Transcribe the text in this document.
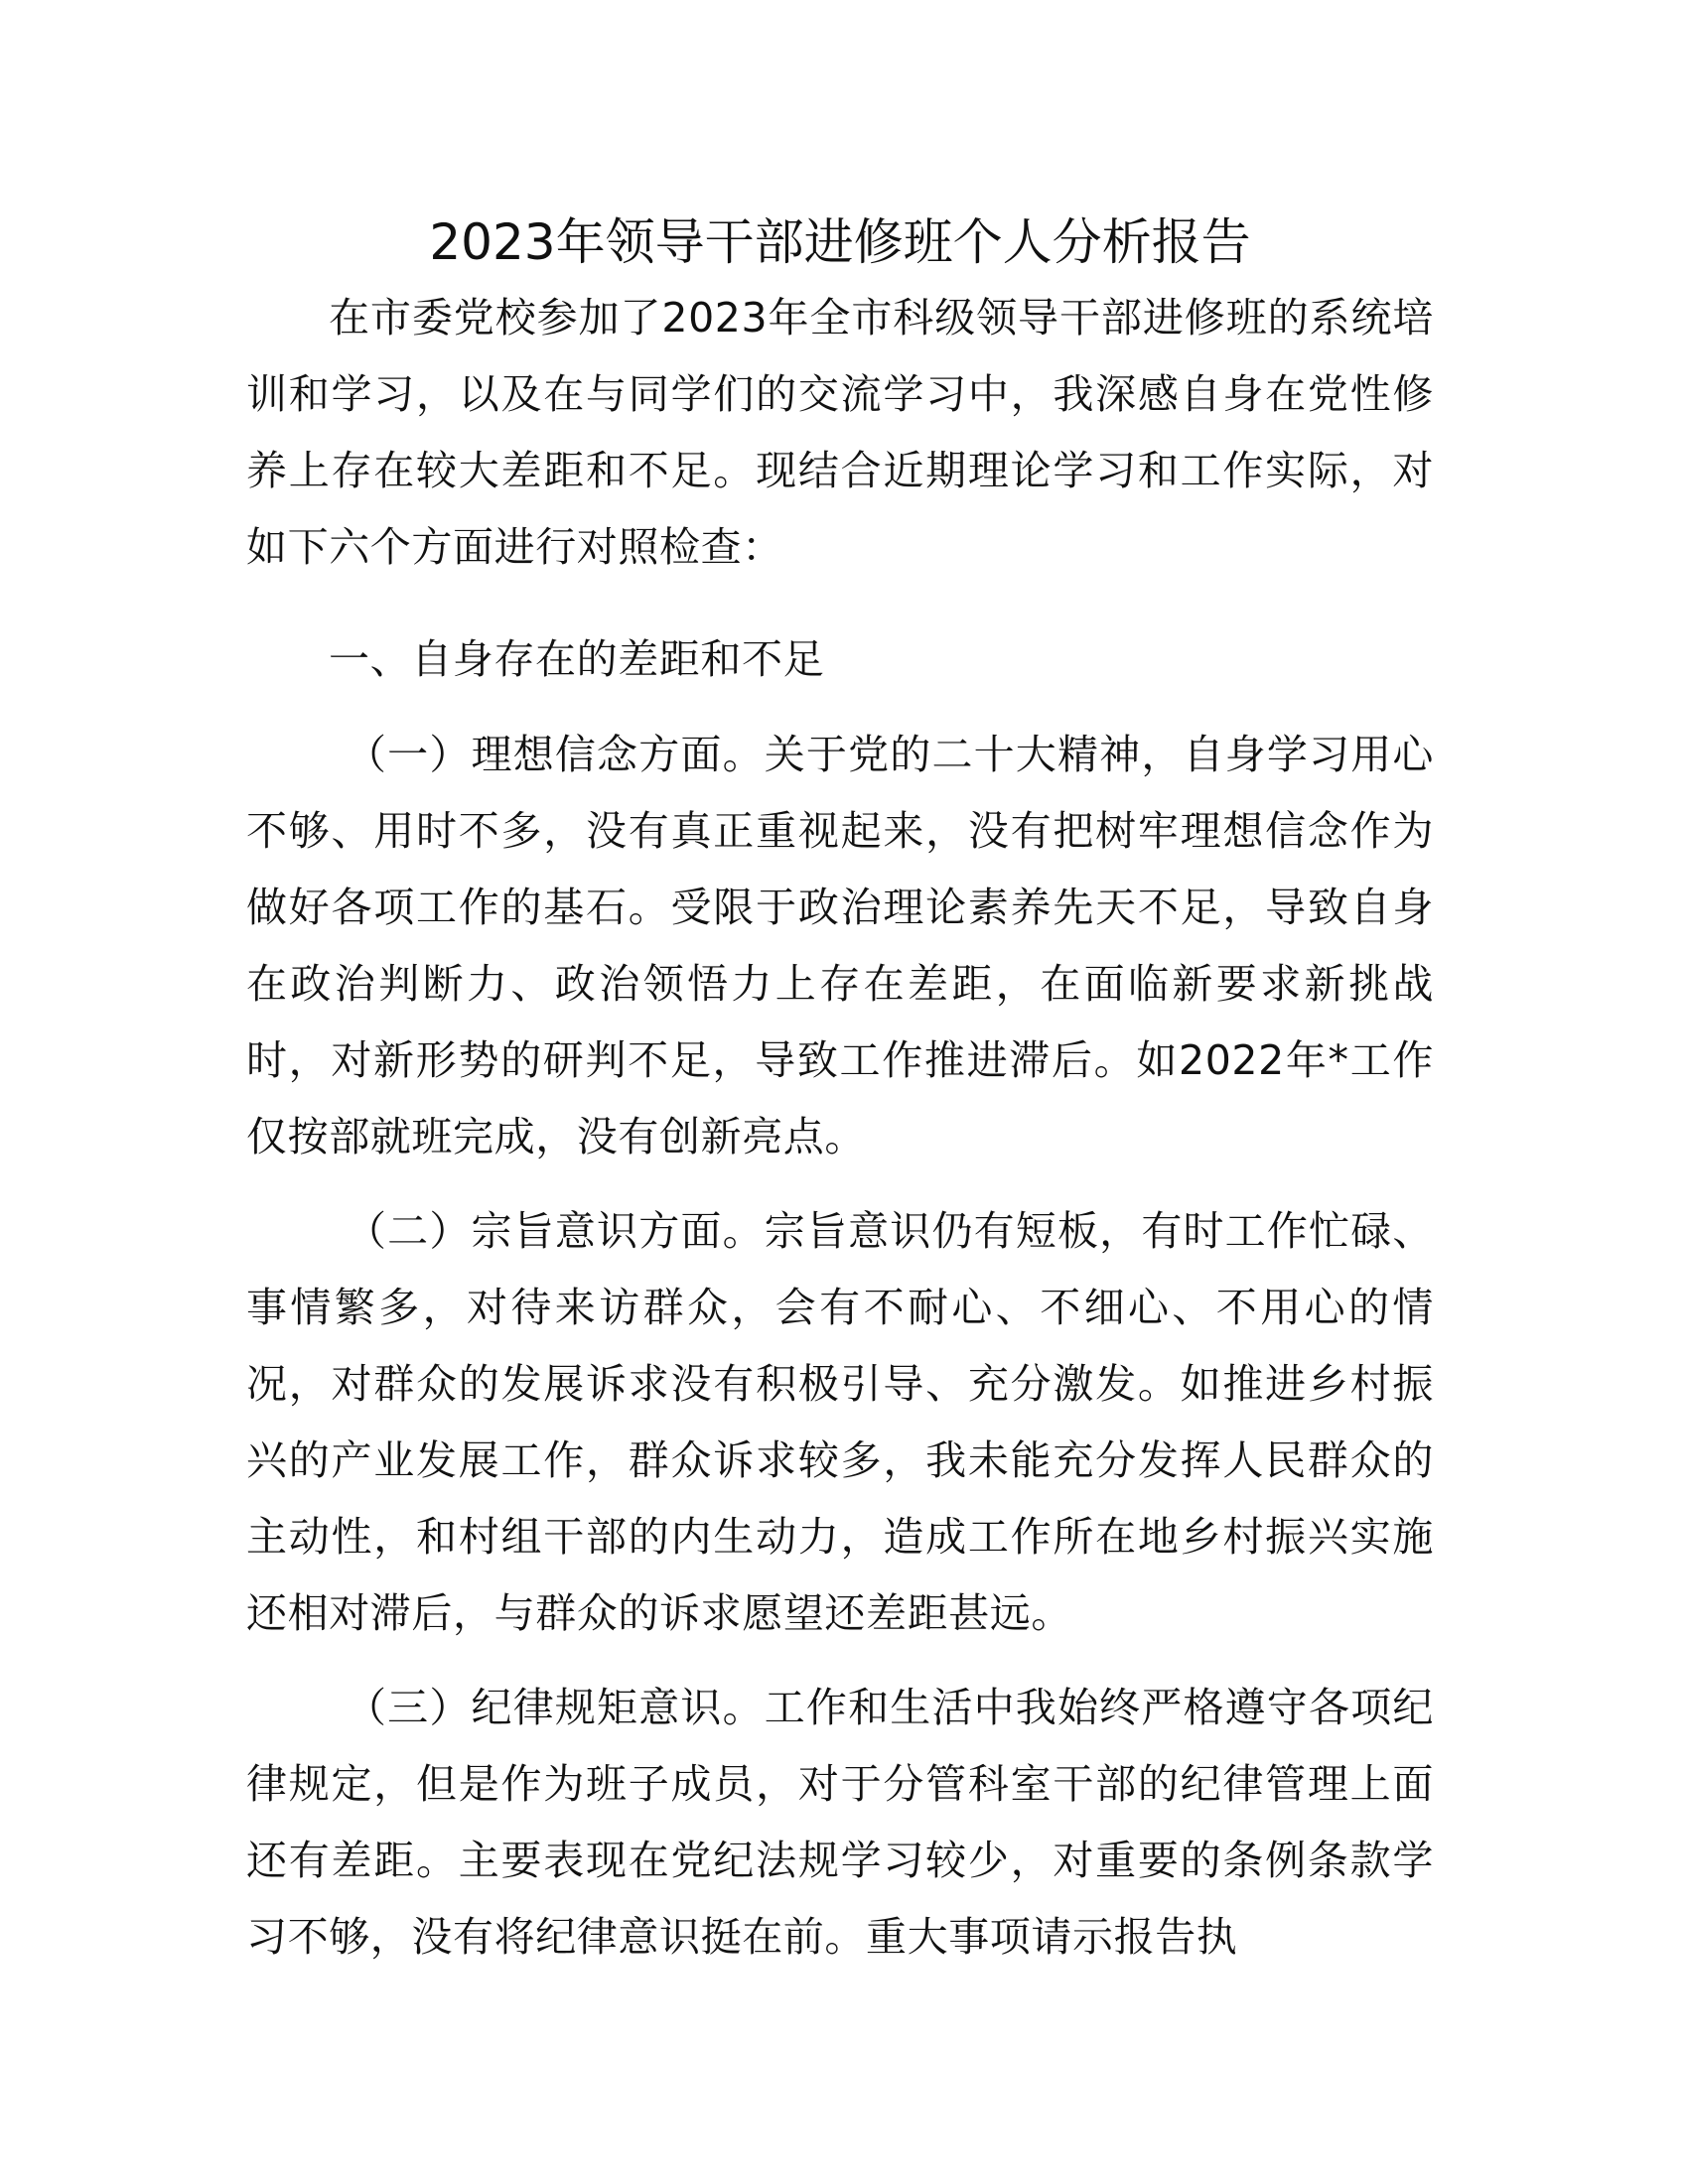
2023年领导干部进修班个人分析报告

在市委党校参加了2023年全市科级领导干部进修班的系统培训和学习，以及在与同学们的交流学习中，我深感自身在党性修养上存在较大差距和不足。现结合近期理论学习和工作实际，对如下六个方面进行对照检查：

一、自身存在的差距和不足

（一）理想信念方面。关于党的二十大精神，自身学习用心不够、用时不多，没有真正重视起来，没有把树牢理想信念作为做好各项工作的基石。受限于政治理论素养先天不足，导致自身在政治判断力、政治领悟力上存在差距，在面临新要求新挑战时，对新形势的研判不足，导致工作推进滞后。如2022年*工作仅按部就班完成，没有创新亮点。

（二）宗旨意识方面。宗旨意识仍有短板，有时工作忙碌、事情繁多，对待来访群众，会有不耐心、不细心、不用心的情况，对群众的发展诉求没有积极引导、充分激发。如推进乡村振兴的产业发展工作，群众诉求较多，我未能充分发挥人民群众的主动性，和村组干部的内生动力，造成工作所在地乡村振兴实施还相对滞后，与群众的诉求愿望还差距甚远。

（三）纪律规矩意识。工作和生活中我始终严格遵守各项纪律规定，但是作为班子成员，对于分管科室干部的纪律管理上面还有差距。主要表现在党纪法规学习较少，对重要的条例条款学习不够，没有将纪律意识挺在前。重大事项请示报告执
